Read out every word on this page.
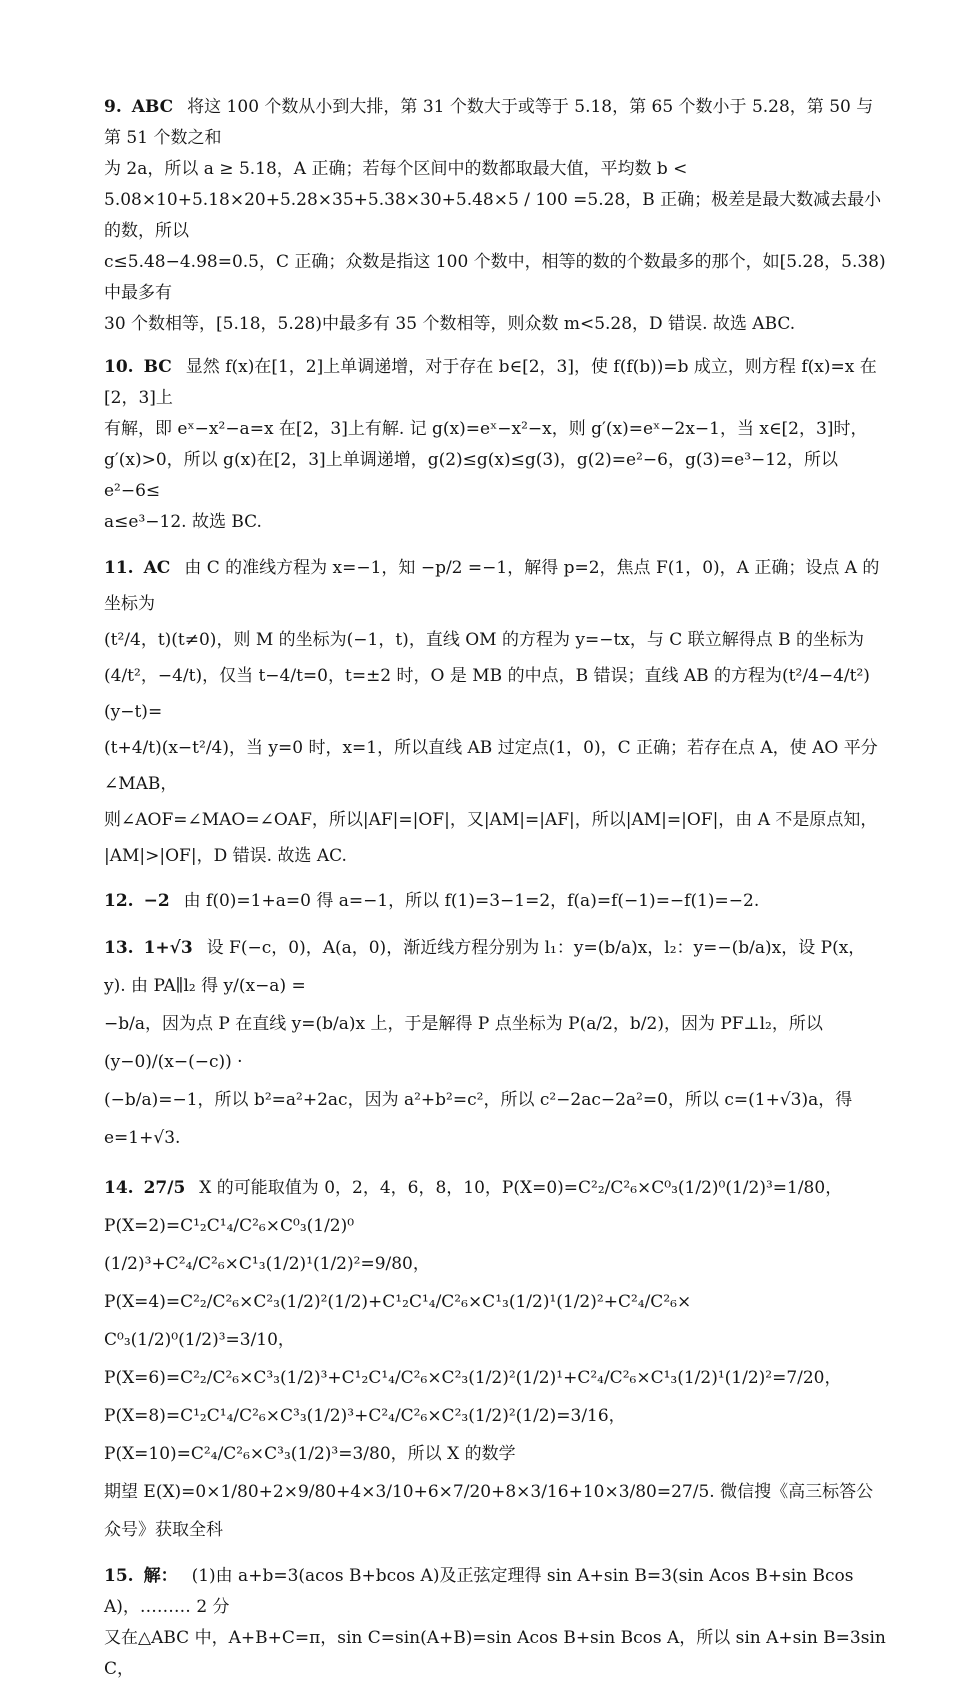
9. ABC 将这 100 个数从小到大排，第 31 个数大于或等于 5.18，第 65 个数小于 5.28，第 50 与第 51 个数之和
为 2a，所以 a ≥ 5.18，A 正确；若每个区间中的数都取最大值，平均数 b <
5.08×10+5.18×20+5.28×35+5.38×30+5.48×5 / 100 =5.28，B 正确；极差是最大数减去最小的数，所以
c≤5.48−4.98=0.5，C 正确；众数是指这 100 个数中，相等的数的个数最多的那个，如[5.28，5.38)中最多有
30 个数相等，[5.18，5.28)中最多有 35 个数相等，则众数 m<5.28，D 错误. 故选 ABC.
10. BC 显然 f(x)在[1，2]上单调递增，对于存在 b∈[2，3]，使 f(f(b))=b 成立，则方程 f(x)=x 在[2，3]上
有解，即 eˣ−x²−a=x 在[2，3]上有解. 记 g(x)=eˣ−x²−x，则 g′(x)=eˣ−2x−1，当 x∈[2，3]时，
g′(x)>0，所以 g(x)在[2，3]上单调递增，g(2)≤g(x)≤g(3)，g(2)=e²−6，g(3)=e³−12，所以 e²−6≤
a≤e³−12. 故选 BC.
11. AC 由 C 的准线方程为 x=−1，知 −p/2 =−1，解得 p=2，焦点 F(1，0)，A 正确；设点 A 的坐标为
(t²/4，t)(t≠0)，则 M 的坐标为(−1，t)，直线 OM 的方程为 y=−tx，与 C 联立解得点 B 的坐标为
(4/t²，−4/t)，仅当 t−4/t=0，t=±2 时，O 是 MB 的中点，B 错误；直线 AB 的方程为(t²/4−4/t²)(y−t)=
(t+4/t)(x−t²/4)，当 y=0 时，x=1，所以直线 AB 过定点(1，0)，C 正确；若存在点 A，使 AO 平分∠MAB，
则∠AOF=∠MAO=∠OAF，所以|AF|=|OF|，又|AM|=|AF|，所以|AM|=|OF|，由 A 不是原点知，
|AM|>|OF|，D 错误. 故选 AC.
12. −2 由 f(0)=1+a=0 得 a=−1，所以 f(1)=3−1=2，f(a)=f(−1)=−f(1)=−2.
13. 1+√3 设 F(−c，0)，A(a，0)，渐近线方程分别为 l₁：y=(b/a)x，l₂：y=−(b/a)x，设 P(x，y). 由 PA∥l₂ 得 y/(x−a) =
−b/a，因为点 P 在直线 y=(b/a)x 上，于是解得 P 点坐标为 P(a/2，b/2)，因为 PF⊥l₂，所以 (y−0)/(x−(−c)) ·
(−b/a)=−1，所以 b²=a²+2ac，因为 a²+b²=c²，所以 c²−2ac−2a²=0，所以 c=(1+√3)a，得 e=1+√3.
14. 27/5 X 的可能取值为 0，2，4，6，8，10，P(X=0)=C²₂/C²₆×C⁰₃(1/2)⁰(1/2)³=1/80，P(X=2)=C¹₂C¹₄/C²₆×C⁰₃(1/2)⁰
(1/2)³+C²₄/C²₆×C¹₃(1/2)¹(1/2)²=9/80，P(X=4)=C²₂/C²₆×C²₃(1/2)²(1/2)+C¹₂C¹₄/C²₆×C¹₃(1/2)¹(1/2)²+C²₄/C²₆×
C⁰₃(1/2)⁰(1/2)³=3/10，P(X=6)=C²₂/C²₆×C³₃(1/2)³+C¹₂C¹₄/C²₆×C²₃(1/2)²(1/2)¹+C²₄/C²₆×C¹₃(1/2)¹(1/2)²=7/20，
P(X=8)=C¹₂C¹₄/C²₆×C³₃(1/2)³+C²₄/C²₆×C²₃(1/2)²(1/2)=3/16，P(X=10)=C²₄/C²₆×C³₃(1/2)³=3/80，所以 X 的数学
期望 E(X)=0×1/80+2×9/80+4×3/10+6×7/20+8×3/16+10×3/80=27/5. 微信搜《高三标答公众号》获取全科
15. 解： (1)由 a+b=3(acos B+bcos A)及正弦定理得 sin A+sin B=3(sin Acos B+sin Bcos A)，……… 2 分
又在△ABC 中，A+B+C=π，sin C=sin(A+B)=sin Acos B+sin Bcos A，所以 sin A+sin B=3sin C，
